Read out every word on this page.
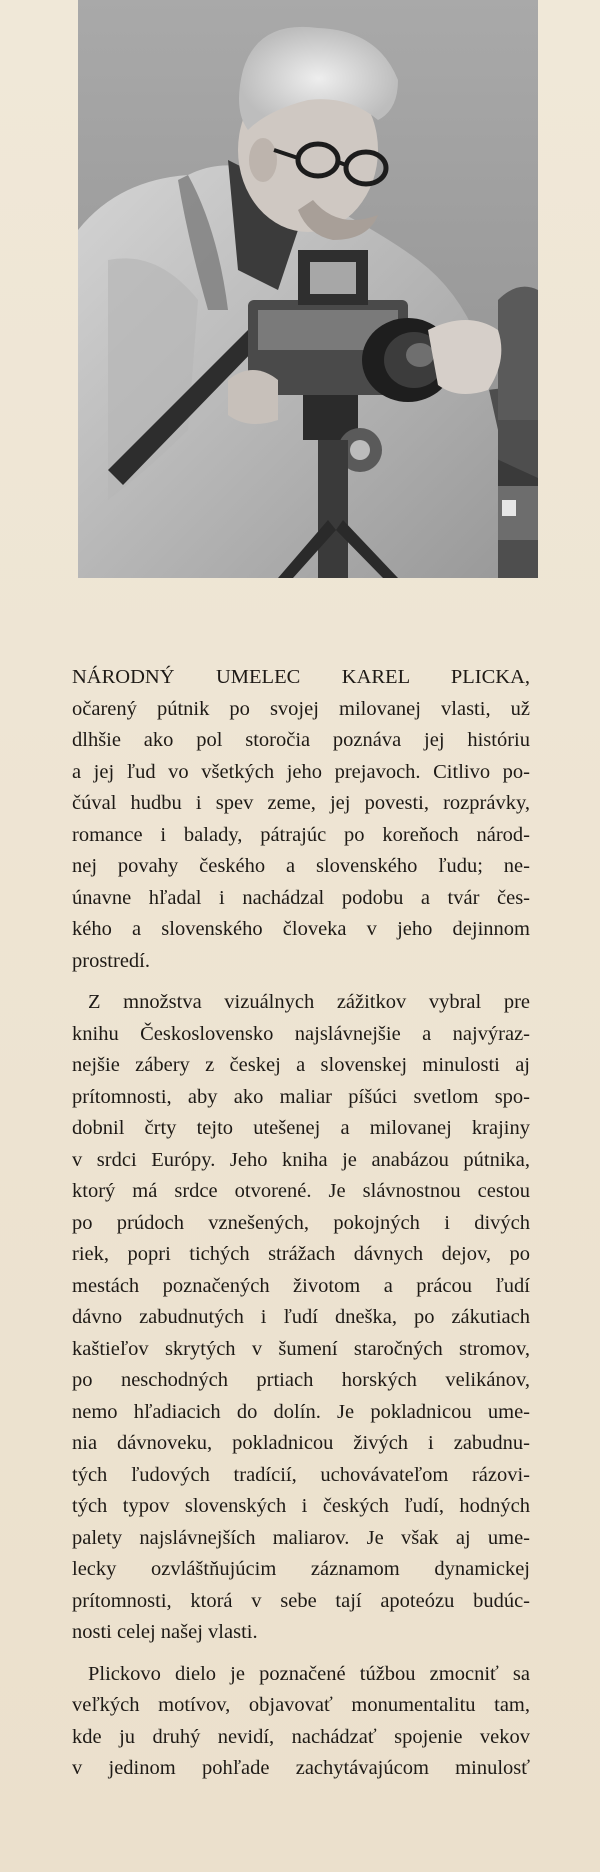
NÁRODNÝ UMELEC KAREL PLICKA,
očarený pútnik po svojej milovanej vlasti, už
dlhšie ako pol storočia poznáva jej históriu
a jej ľud vo všetkých jeho prejavoch. Citlivo po-
čúval hudbu i spev zeme, jej povesti, rozprávky,
romance i balady, pátrajúc po koreňoch národ-
nej povahy českého a slovenského ľudu; ne-
únavne hľadal i nachádzal podobu a tvár čes-
kého a slovenského človeka v jeho dejinnom
prostredí.

Z množstva vizuálnych zážitkov vybral pre
knihu Československo najslávnejšie a najvýraz-
nejšie zábery z českej a slovenskej minulosti aj
prítomnosti, aby ako maliar píšúci svetlom spo-
dobnil črty tejto utešenej a milovanej krajiny
v srdci Európy. Jeho kniha je anabázou pútnika,
ktorý má srdce otvorené. Je slávnostnou cestou
po prúdoch vznešených, pokojných i divých
riek, popri tichých strážach dávnych dejov, po
mestách poznačených životom a prácou ľudí
dávno zabudnutých i ľudí dneška, po zákutiach
kaštieľov skrytých v šumení staročných stromov,
po neschodných prtiach horských velikánov,
nemo hľadiacich do dolín. Je pokladnicou ume-
nia dávnoveku, pokladnicou živých i zabudnu-
tých ľudových tradícií, uchovávateľom rázovi-
tých typov slovenských i českých ľudí, hodných
palety najslávnejších maliarov. Je však aj ume-
lecky ozvláštňujúcim záznamom dynamickej
prítomnosti, ktorá v sebe tají apoteózu budúc-
nosti celej našej vlasti.

Plickovo dielo je poznačené túžbou zmocniť sa
veľkých motívov, objavovať monumentalitu tam,
kde ju druhý nevidí, nachádzať spojenie vekov
v jedinom pohľade zachytávajúcom minulosť
